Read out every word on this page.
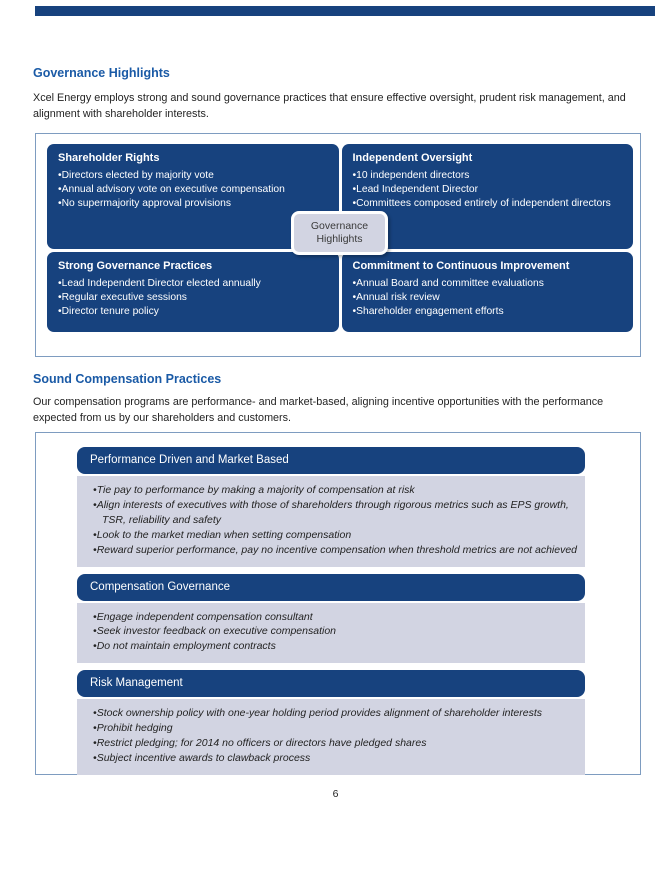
Governance Highlights
Xcel Energy employs strong and sound governance practices that ensure effective oversight, prudent risk management, and alignment with shareholder interests.
Shareholder Rights
• Directors elected by majority vote
• Annual advisory vote on executive compensation
• No supermajority approval provisions
Independent Oversight
• 10 independent directors
• Lead Independent Director
• Committees composed entirely of independent directors
Strong Governance Practices
• Lead Independent Director elected annually
• Regular executive sessions
• Director tenure policy
Commitment to Continuous Improvement
• Annual Board and committee evaluations
• Annual risk review
• Shareholder engagement efforts
Governance
Highlights
Sound Compensation Practices
Our compensation programs are performance- and market-based, aligning incentive opportunities with the performance expected from us by our shareholders and customers.
Performance Driven and Market Based
• Tie pay to performance by making a majority of compensation at risk
• Align interests of executives with those of shareholders through rigorous metrics such as EPS growth, TSR, reliability and safety
• Look to the market median when setting compensation
• Reward superior performance, pay no incentive compensation when threshold metrics are not achieved
Compensation Governance
• Engage independent compensation consultant
• Seek investor feedback on executive compensation
• Do not maintain employment contracts
Risk Management
• Stock ownership policy with one-year holding period provides alignment of shareholder interests
• Prohibit hedging
• Restrict pledging; for 2014 no officers or directors have pledged shares
• Subject incentive awards to clawback process
6
